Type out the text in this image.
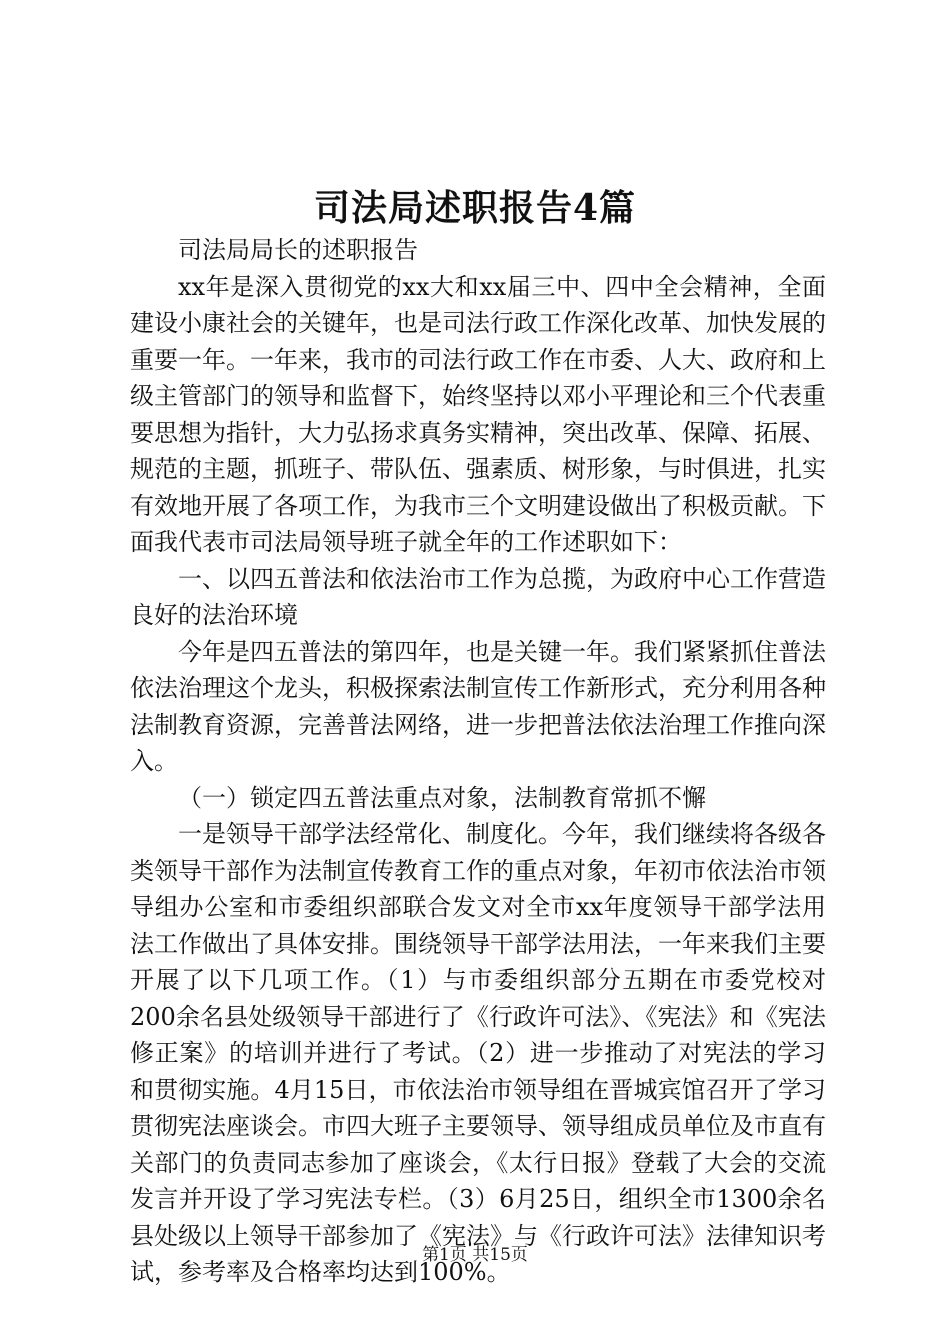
司法局述职报告4篇

司法局局长的述职报告

xx年是深入贯彻党的xx大和xx届三中、四中全会精神，全面建设小康社会的关键年，也是司法行政工作深化改革、加快发展的重要一年。一年来，我市的司法行政工作在市委、人大、政府和上级主管部门的领导和监督下，始终坚持以邓小平理论和三个代表重要思想为指针，大力弘扬求真务实精神，突出改革、保障、拓展、规范的主题，抓班子、带队伍、强素质、树形象，与时俱进，扎实有效地开展了各项工作，为我市三个文明建设做出了积极贡献。下面我代表市司法局领导班子就全年的工作述职如下：

一、以四五普法和依法治市工作为总揽，为政府中心工作营造良好的法治环境

今年是四五普法的第四年，也是关键一年。我们紧紧抓住普法依法治理这个龙头，积极探索法制宣传工作新形式，充分利用各种法制教育资源，完善普法网络，进一步把普法依法治理工作推向深入。

（一）锁定四五普法重点对象，法制教育常抓不懈

一是领导干部学法经常化、制度化。今年，我们继续将各级各类领导干部作为法制宣传教育工作的重点对象，年初市依法治市领导组办公室和市委组织部联合发文对全市xx年度领导干部学法用法工作做出了具体安排。围绕领导干部学法用法，一年来我们主要开展了以下几项工作。（1）与市委组织部分五期在市委党校对200余名县处级领导干部进行了《行政许可法》、《宪法》和《宪法修正案》的培训并进行了考试。（2）进一步推动了对宪法的学习和贯彻实施。4月15日，市依法治市领导组在晋城宾馆召开了学习贯彻宪法座谈会。市四大班子主要领导、领导组成员单位及市直有关部门的负责同志参加了座谈会，《太行日报》登载了大会的交流发言并开设了学习宪法专栏。（3）6月25日，组织全市1300余名县处级以上领导干部参加了《宪法》与《行政许可法》法律知识考试，参考率及合格率均达到100%。

第1页 共15页
